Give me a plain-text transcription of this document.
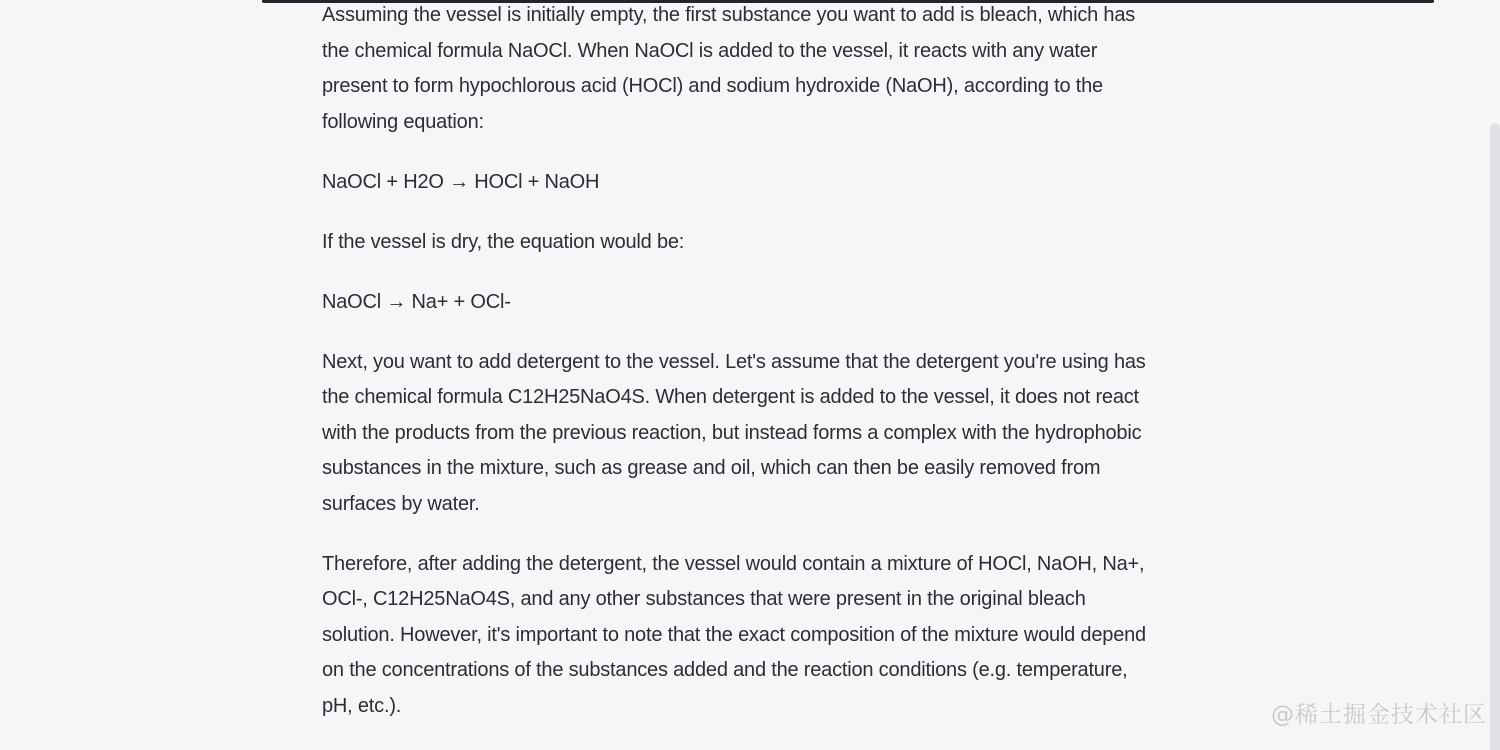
Assuming the vessel is initially empty, the first substance you want to add is bleach, which has the chemical formula NaOCl. When NaOCl is added to the vessel, it reacts with any water present to form hypochlorous acid (HOCl) and sodium hydroxide (NaOH), according to the following equation:

NaOCl + H2O → HOCl + NaOH

If the vessel is dry, the equation would be:

NaOCl → Na+ + OCl-

Next, you want to add detergent to the vessel. Let's assume that the detergent you're using has the chemical formula C12H25NaO4S. When detergent is added to the vessel, it does not react with the products from the previous reaction, but instead forms a complex with the hydrophobic substances in the mixture, such as grease and oil, which can then be easily removed from surfaces by water.

Therefore, after adding the detergent, the vessel would contain a mixture of HOCl, NaOH, Na+, OCl-, C12H25NaO4S, and any other substances that were present in the original bleach solution. However, it's important to note that the exact composition of the mixture would depend on the concentrations of the substances added and the reaction conditions (e.g. temperature, pH, etc.).	@稀土掘金技术社区
